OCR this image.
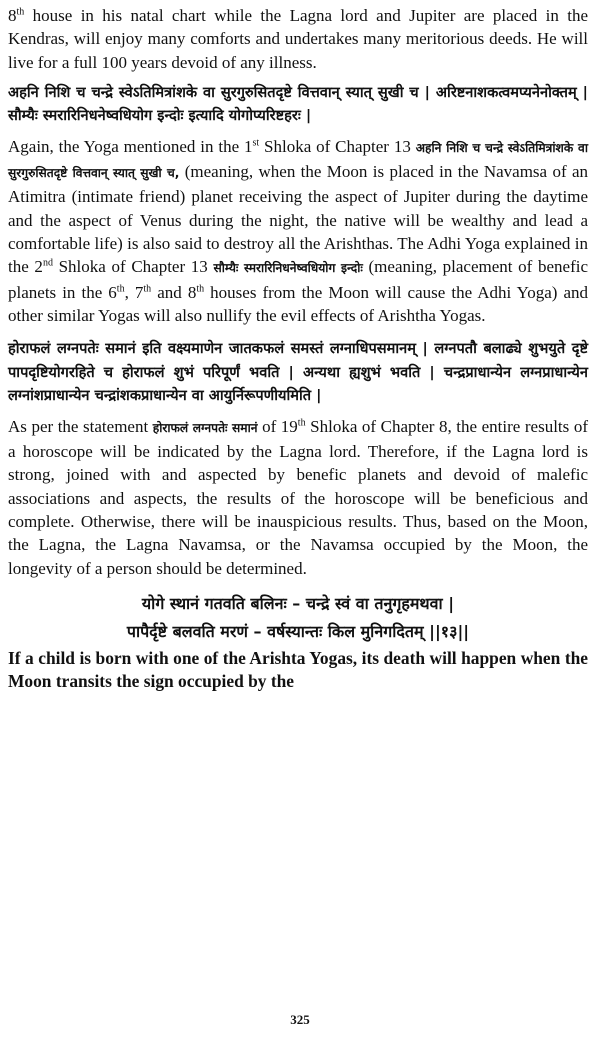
8th house in his natal chart while the Lagna lord and Jupiter are placed in the Kendras, will enjoy many comforts and undertakes many meritorious deeds. He will live for a full 100 years devoid of any illness.

अहनि निशि च चन्द्रे स्वेऽतिमित्रांशके वा सुरगुरुसितदृष्टे वित्तवान् स्यात् सुखी च | अरिष्टनाशकत्वमप्यनेनोक्तम् | सौम्यैः स्मरारिनिधनेष्वधियोग इन्दोः इत्यादि योगोप्यरिष्टहरः |

Again, the Yoga mentioned in the 1st Shloka of Chapter 13 अहनि निशि च चन्द्रे स्वेऽतिमित्रांशके वा सुरगुरुसितदृष्टे वित्तवान् स्यात् सुखी च, (meaning, when the Moon is placed in the Navamsa of an Atimitra (intimate friend) planet receiving the aspect of Jupiter during the daytime and the aspect of Venus during the night, the native will be wealthy and lead a comfortable life) is also said to destroy all the Arishthas. The Adhi Yoga explained in the 2nd Shloka of Chapter 13 सौम्यैः स्मरारिनिधनेष्वधियोग इन्दोः (meaning, placement of benefic planets in the 6th, 7th and 8th houses from the Moon will cause the Adhi Yoga) and other similar Yogas will also nullify the evil effects of Arishtha Yogas.

होराफलं लग्नपतेः समानं इति वक्ष्यमाणेन जातकफलं समस्तं लग्नाधिपसमानम् | लग्नपतौ बलाढ्ये शुभयुते दृष्टे पापदृष्टियोगरहिते च होराफलं शुभं परिपूर्णं भवति | अन्यथा ह्यशुभं भवति | चन्द्रप्राधान्येन लग्नप्राधान्येन लग्नांशप्राधान्येन चन्द्रांशकप्राधान्येन वा आयुर्निरूपणीयमिति |

As per the statement होराफलं लग्नपतेः समानं of 19th Shloka of Chapter 8, the entire results of a horoscope will be indicated by the Lagna lord. Therefore, if the Lagna lord is strong, joined with and aspected by benefic planets and devoid of malefic associations and aspects, the results of the horoscope will be beneficious and complete. Otherwise, there will be inauspicious results. Thus, based on the Moon, the Lagna, the Lagna Navamsa, or the Navamsa occupied by the Moon, the longevity of a person should be determined.

योगे स्थानं गतवति बलिनः – चन्द्रे स्वं वा तनुगृहमथवा |

पापैर्दृष्टे बलवति मरणं – वर्षस्यान्तः किल मुनिगदितम् ||१३||

If a child is born with one of the Arishta Yogas, its death will happen when the Moon transits the sign occupied by the

325
